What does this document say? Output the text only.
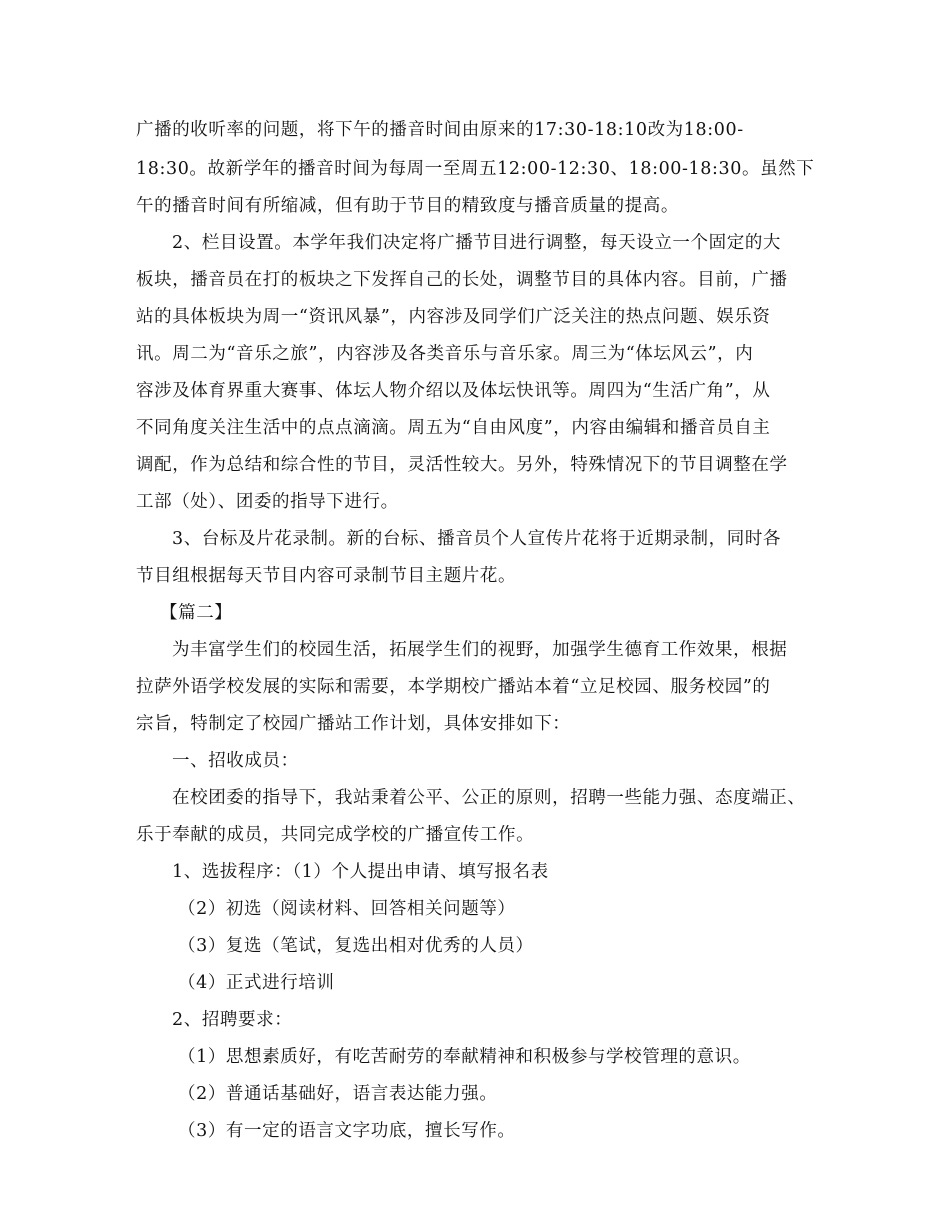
广播的收听率的问题，将下午的播音时间由原来的17:30-18:10改为18:00-
18:30。故新学年的播音时间为每周一至周五12:00-12:30、18:00-18:30。虽然下
午的播音时间有所缩减，但有助于节目的精致度与播音质量的提高。
2、栏目设置。本学年我们决定将广播节目进行调整，每天设立一个固定的大
板块，播音员在打的板块之下发挥自己的长处，调整节目的具体内容。目前，广播
站的具体板块为周一“资讯风暴”，内容涉及同学们广泛关注的热点问题、娱乐资
讯。周二为“音乐之旅”，内容涉及各类音乐与音乐家。周三为“体坛风云”，内
容涉及体育界重大赛事、体坛人物介绍以及体坛快讯等。周四为“生活广角”，从
不同角度关注生活中的点点滴滴。周五为“自由风度”，内容由编辑和播音员自主
调配，作为总结和综合性的节目，灵活性较大。另外，特殊情况下的节目调整在学
工部（处）、团委的指导下进行。
3、台标及片花录制。新的台标、播音员个人宣传片花将于近期录制，同时各
节目组根据每天节目内容可录制节目主题片花。
【篇二】
为丰富学生们的校园生活，拓展学生们的视野，加强学生德育工作效果，根据
拉萨外语学校发展的实际和需要，本学期校广播站本着“立足校园、服务校园”的
宗旨，特制定了校园广播站工作计划，具体安排如下：
一、招收成员：
在校团委的指导下，我站秉着公平、公正的原则，招聘一些能力强、态度端正、
乐于奉献的成员，共同完成学校的广播宣传工作。
1、选拔程序：（1）个人提出申请、填写报名表
（2）初选（阅读材料、回答相关问题等）
（3）复选（笔试，复选出相对优秀的人员）
（4）正式进行培训
2、招聘要求：
（1）思想素质好，有吃苦耐劳的奉献精神和积极参与学校管理的意识。
（2）普通话基础好，语言表达能力强。
（3）有一定的语言文字功底，擅长写作。
